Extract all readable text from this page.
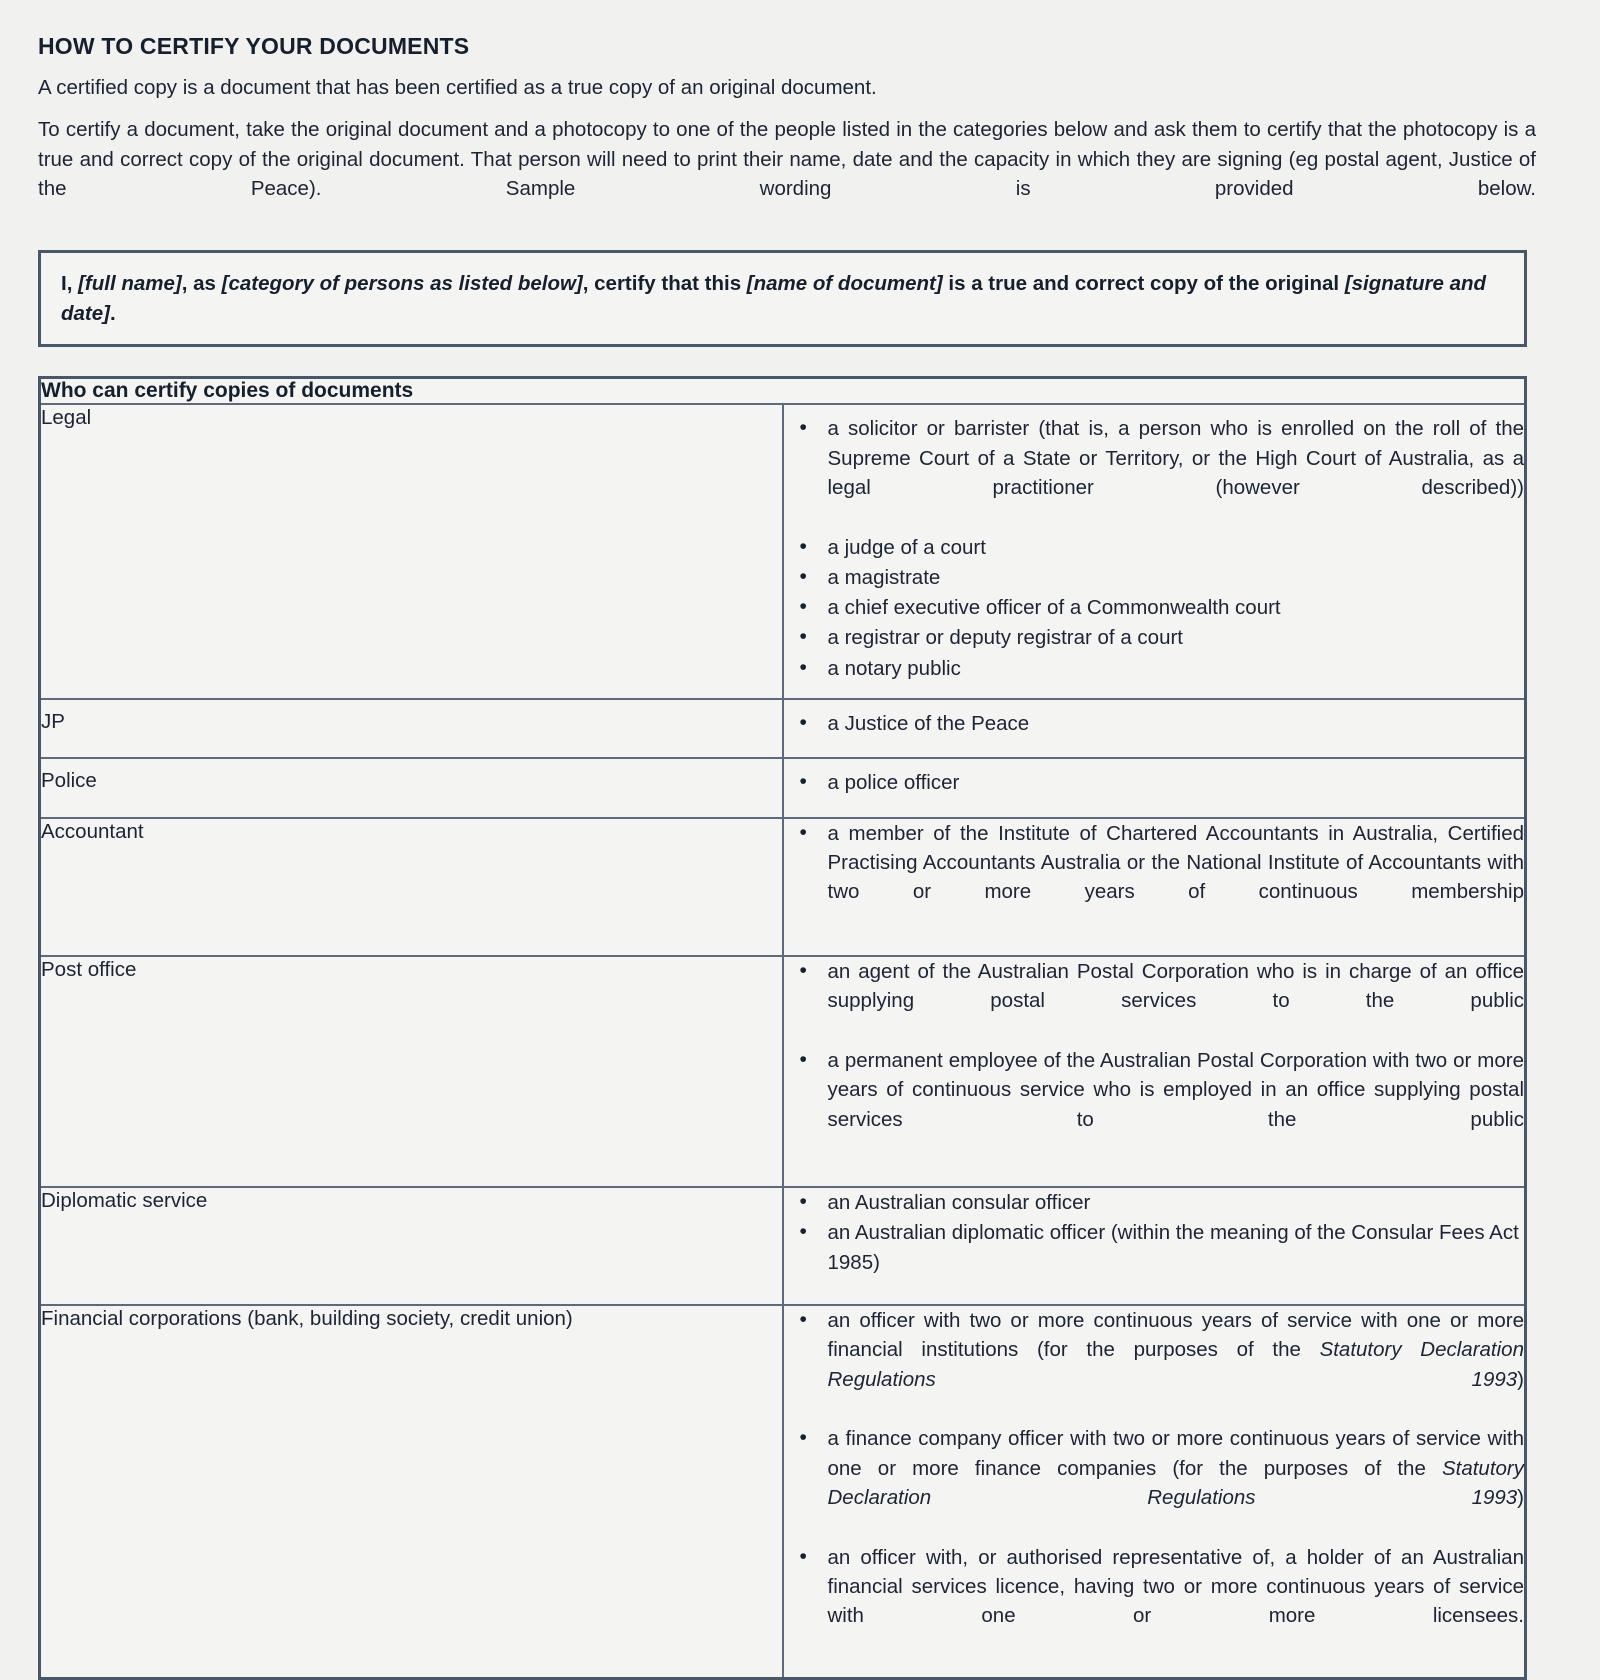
HOW TO CERTIFY YOUR DOCUMENTS

A certified copy is a document that has been certified as a true copy of an original document.

To certify a document, take the original document and a photocopy to one of the people listed in the categories below and ask them to certify that the photocopy is a true and correct copy of the original document. That person will need to print their name, date and the capacity in which they are signing (eg postal agent, Justice of the Peace). Sample wording is provided below.

I, [full name], as [category of persons as listed below], certify that this [name of document] is a true and correct copy of the original [signature and date].
Who can certify copies of documents	
Legal	
•a solicitor or barrister (that is, a person who is enrolled on the roll of the Supreme Court of a State or Territory, or the High Court of Australia, as a legal practitioner (however described))
• a judge of a court
• a magistrate
• a chief executive officer of a Commonwealth court
• a registrar or deputy registrar of a court
• a notary public

JP	
•a Justice of the Peace

Police	
•a police officer

Accountant	
•a member of the Institute of Chartered Accountants in Australia, Certified Practising Accountants Australia or the National Institute of Accountants with two or more years of continuous membership

Post office	
•an agent of the Australian Postal Corporation who is in charge of an office supplying postal services to the public
• a permanent employee of the Australian Postal Corporation with two or more years of continuous service who is employed in an office supplying postal services to the public

Diplomatic service	
•an Australian consular officer
• an Australian diplomatic officer (within the meaning of the Consular Fees Act 1985)

Financial corporations (bank, building society, credit union)	
•an officer with two or more continuous years of service with one or more financial institutions (for the purposes of the Statutory Declaration Regulations 1993)
• a finance company officer with two or more continuous years of service with one or more finance companies (for the purposes of the Statutory Declaration Regulations 1993)
• an officer with, or authorised representative of, a holder of an Australian financial services licence, having two or more continuous years of service with one or more licensees.
